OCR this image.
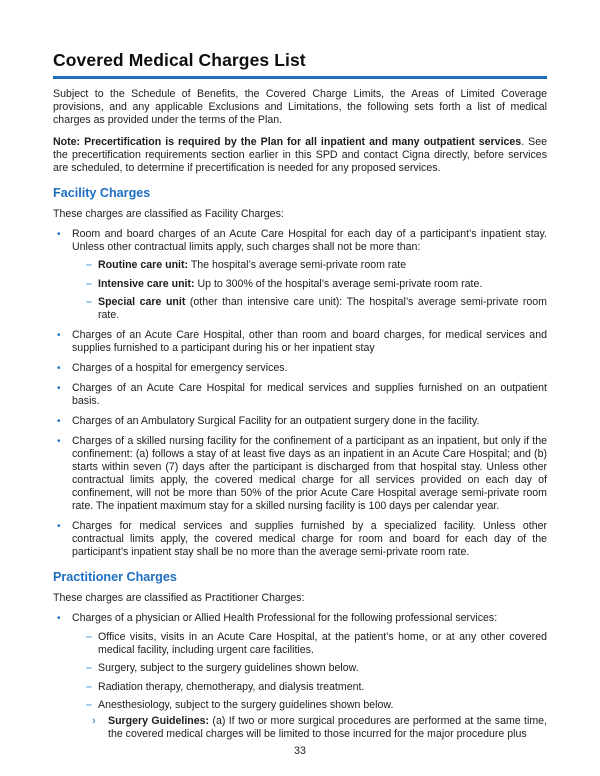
Covered Medical Charges List

Subject to the Schedule of Benefits, the Covered Charge Limits, the Areas of Limited Coverage provisions, and any applicable Exclusions and Limitations, the following sets forth a list of medical charges as provided under the terms of the Plan.

Note: Precertification is required by the Plan for all inpatient and many outpatient services. See the precertification requirements section earlier in this SPD and contact Cigna directly, before services are scheduled, to determine if precertification is needed for any proposed services.

Facility Charges

These charges are classified as Facility Charges:

•	Room and board charges of an Acute Care Hospital for each day of a participant’s inpatient stay. Unless other contractual limits apply, such charges shall not be more than:
– Routine care unit: The hospital’s average semi-private room rate
– Intensive care unit: Up to 300% of the hospital’s average semi-private room rate.
– Special care unit (other than intensive care unit): The hospital’s average semi-private room rate.
•	Charges of an Acute Care Hospital, other than room and board charges, for medical services and supplies furnished to a participant during his or her inpatient stay
•	Charges of a hospital for emergency services.
•	Charges of an Acute Care Hospital for medical services and supplies furnished on an outpatient basis.
•	Charges of an Ambulatory Surgical Facility for an outpatient surgery done in the facility.
•	Charges of a skilled nursing facility for the confinement of a participant as an inpatient, but only if the confinement: (a) follows a stay of at least five days as an inpatient in an Acute Care Hospital; and (b) starts within seven (7) days after the participant is discharged from that hospital stay. Unless other contractual limits apply, the covered medical charge for all services provided on each day of confinement, will not be more than 50% of the prior Acute Care Hospital average semi-private room rate. The inpatient maximum stay for a skilled nursing facility is 100 days per calendar year.
•	Charges for medical services and supplies furnished by a specialized facility. Unless other contractual limits apply, the covered medical charge for room and board for each day of the participant’s inpatient stay shall be no more than the average semi-private room rate.
Practitioner Charges

These charges are classified as Practitioner Charges:

•	Charges of a physician or Allied Health Professional for the following professional services:
– Office visits, visits in an Acute Care Hospital, at the patient’s home, or at any other covered medical facility, including urgent care facilities.
– Surgery, subject to the surgery guidelines shown below.
– Radiation therapy, chemotherapy, and dialysis treatment.
– Anesthesiology, subject to the surgery guidelines shown below.
›	Surgery Guidelines: (a) If two or more surgical procedures are performed at the same time, the covered medical charges will be limited to those incurred for the major procedure plus
33
